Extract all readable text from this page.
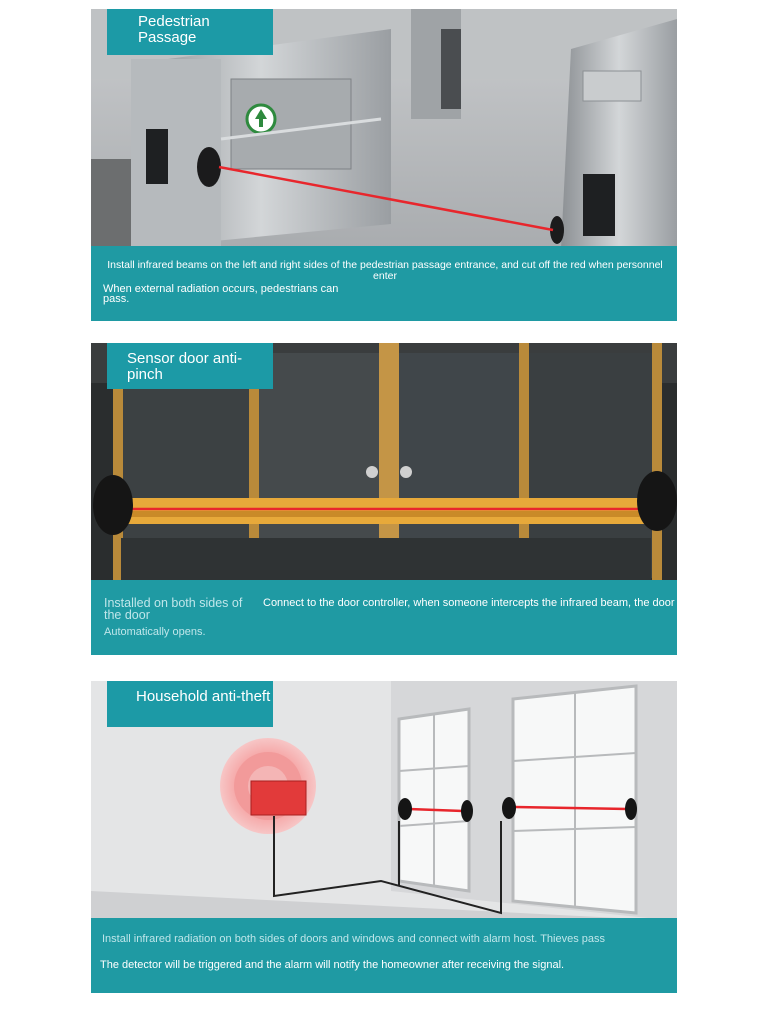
Pedestrian
Passage
Install infrared beams on the left and right sides of the pedestrian passage entrance, and cut off the red when personnel enter
When external radiation occurs, pedestrians can pass.
Sensor door anti-pinch
Installed on both sides of the door
Connect to the door controller, when someone intercepts the infrared beam, the door
Automatically opens.
Household anti-theft
Install infrared radiation on both sides of doors and windows and connect with alarm host. Thieves pass
The detector will be triggered and the alarm will notify the homeowner after receiving the signal.
